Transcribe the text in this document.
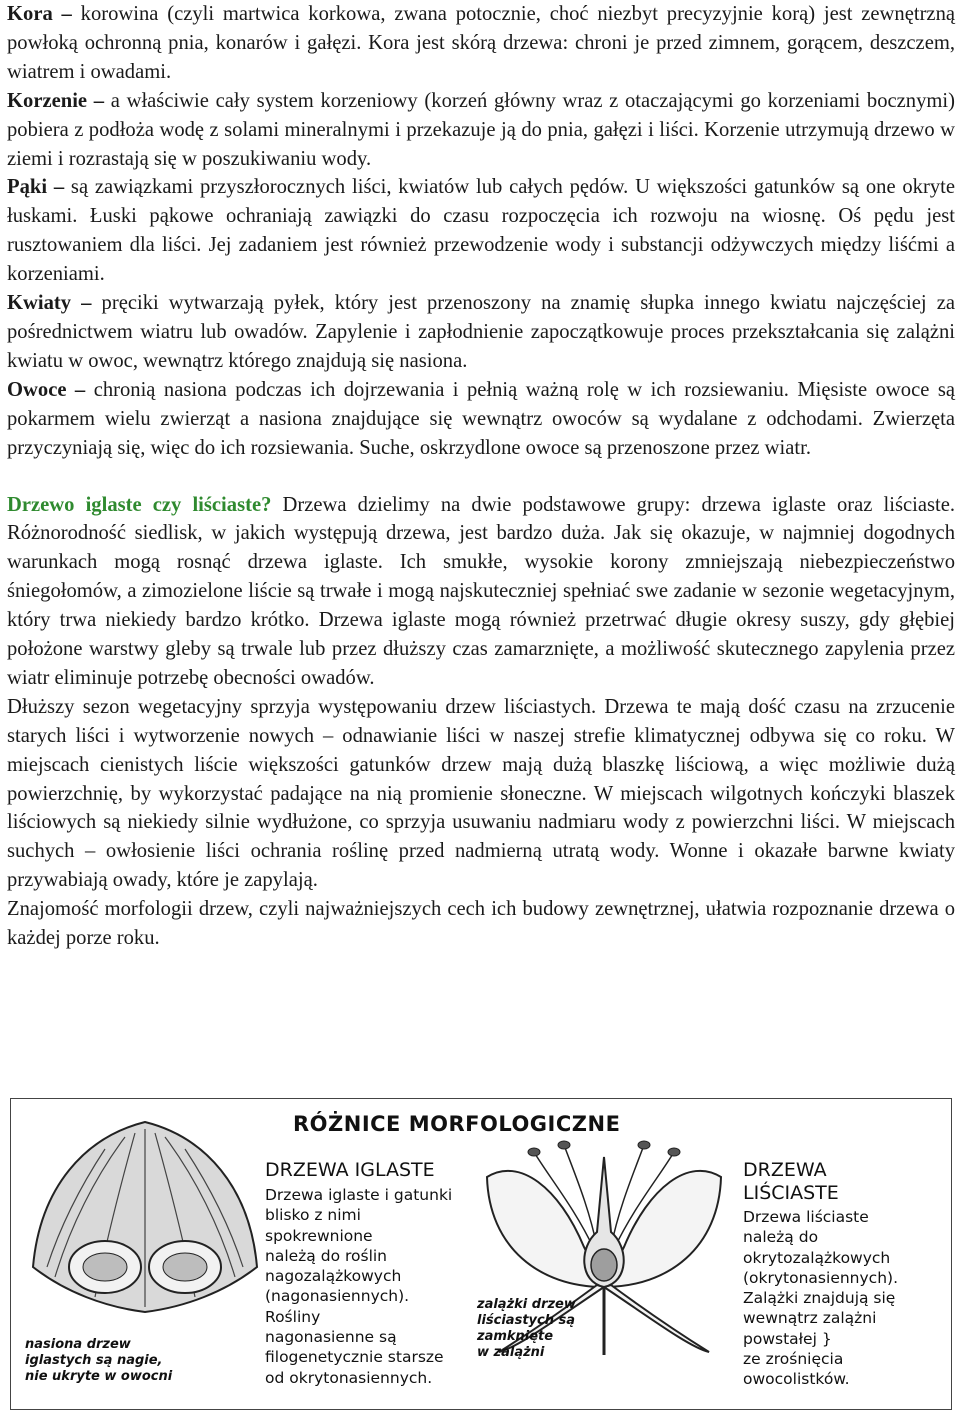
Kora – korowina (czyli martwica korkowa, zwana potocznie, choć niezbyt precyzyjnie korą) jest zewnętrzną powłoką ochronną pnia, konarów i gałęzi. Kora jest skórą drzewa: chroni je przed zimnem, gorącem, deszczem, wiatrem i owadami.

Korzenie – a właściwie cały system korzeniowy (korzeń główny wraz z otaczającymi go korzeniami bocznymi) pobiera z podłoża wodę z solami mineralnymi i przekazuje ją do pnia, gałęzi i liści. Korzenie utrzymują drzewo w ziemi i rozrastają się w poszukiwaniu wody.

Pąki – są zawiązkami przyszłorocznych liści, kwiatów lub całych pędów. U większości gatunków są one okryte łuskami. Łuski pąkowe ochraniają zawiązki do czasu rozpoczęcia ich rozwoju na wiosnę. Oś pędu jest rusztowaniem dla liści. Jej zadaniem jest również przewodzenie wody i substancji odżywczych między liśćmi a korzeniami.

Kwiaty – pręciki wytwarzają pyłek, który jest przenoszony na znamię słupka innego kwiatu najczęściej za pośrednictwem wiatru lub owadów. Zapylenie i zapłodnienie zapoczątkowuje proces przekształcania się zalążni kwiatu w owoc, wewnątrz którego znajdują się nasiona.

Owoce – chronią nasiona podczas ich dojrzewania i pełnią ważną rolę w ich rozsiewaniu. Mięsiste owoce są pokarmem wielu zwierząt a nasiona znajdujące się wewnątrz owoców są wydalane z odchodami. Zwierzęta przyczyniają się, więc do ich rozsiewania. Suche, oskrzydlone owoce są przenoszone przez wiatr.

Drzewo iglaste czy liściaste? Drzewa dzielimy na dwie podstawowe grupy: drzewa iglaste oraz liściaste. Różnorodność siedlisk, w jakich występują drzewa, jest bardzo duża. Jak się okazuje, w najmniej dogodnych warunkach mogą rosnąć drzewa iglaste. Ich smukłe, wysokie korony zmniejszają niebezpieczeństwo śniegołomów, a zimozielone liście są trwałe i mogą najskuteczniej spełniać swe zadanie w sezonie wegetacyjnym, który trwa niekiedy bardzo krótko. Drzewa iglaste mogą również przetrwać długie okresy suszy, gdy głębiej położone warstwy gleby są trwale lub przez dłuższy czas zamarznięte, a możliwość skutecznego zapylenia przez wiatr eliminuje potrzebę obecności owadów.

Dłuższy sezon wegetacyjny sprzyja występowaniu drzew liściastych. Drzewa te mają dość czasu na zrzucenie starych liści i wytworzenie nowych – odnawianie liści w naszej strefie klimatycznej odbywa się co roku. W miejscach cienistych liście większości gatunków drzew mają dużą blaszkę liściową, a więc możliwie dużą powierzchnię, by wykorzystać padające na nią promienie słoneczne. W miejscach wilgotnych kończyki blaszek liściowych są niekiedy silnie wydłużone, co sprzyja usuwaniu nadmiaru wody z powierzchni liści. W miejscach suchych – owłosienie liści ochrania roślinę przed nadmierną utratą wody. Wonne i okazałe barwne kwiaty przywabiają owady, które je zapylają.

Znajomość morfologii drzew, czyli najważniejszych cech ich budowy zewnętrznej, ułatwia rozpoznanie drzewa o każdej porze roku.

RÓŻNICE MORFOLOGICZNE
DRZEWA IGLASTE
Drzewa iglaste i gatunki
blisko z nimi
spokrewnione
należą do roślin
nagozalążkowych
(nagonasiennych).
Rośliny
nagonasienne są
filogenetycznie starsze
od okrytonasiennych.
DRZEWA
LIŚCIASTE
Drzewa liściaste
należą do
okrytozalążkowych
(okrytonasiennych).
Zalążki znajdują się
wewnątrz zalążni
powstałej }
ze zrośnięcia
owocolistków.
nasiona drzew
iglastych są nagie,
nie ukryte w owocni
zalążki drzew
liściastych są
zamknięte
w zalążni
